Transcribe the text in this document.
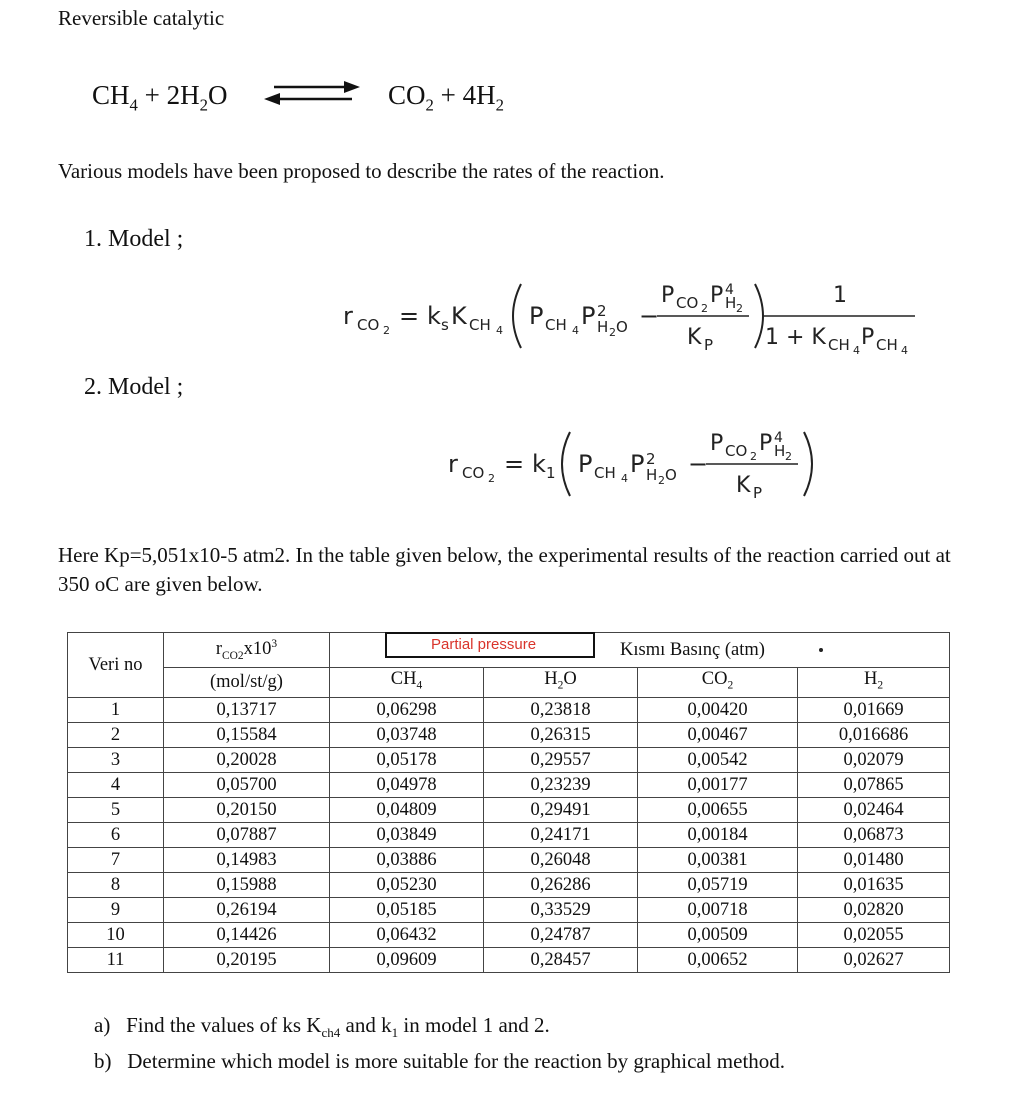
Reversible catalytic
$CH_4 + 2H_2O$	$CO_2 + 4H_2$
Various models have been proposed to describe the rates of the reaction.
1. Model ;
r CO 2
= k s K CH 4
P CH 4
P 2
H 2 O −
P CO 2
P 4
H 2
K P
1
1 + K CH 4
P CH 4
2. Model ;
r CO 2
= k 1 P CH 4
P 2
H 2 O −
P CO 2
P 4
H 2
K P
Here Kp=5,051x10-5 atm2. In the table given below, the experimental results of the reaction carried out at 350 oC are given below.
Veri no	$r_{CO2}x10^3$	Kısmı Basınç (atm)			
	(mol/st/g)	$CH_4$	$H_2O$	$CO_2$	$H_2$
1	0,13717	0,06298	0,23818	0,00420	0,01669
2	0,15584	0,03748	0,26315	0,00467	0,016686
3	0,20028	0,05178	0,29557	0,00542	0,02079
4	0,05700	0,04978	0,23239	0,00177	0,07865
5	0,20150	0,04809	0,29491	0,00655	0,02464
6	0,07887	0,03849	0,24171	0,00184	0,06873
7	0,14983	0,03886	0,26048	0,00381	0,01480
8	0,15988	0,05230	0,26286	0,05719	0,01635
9	0,26194	0,05185	0,33529	0,00718	0,02820
10	0,14426	0,06432	0,24787	0,00509	0,02055
11	0,20195	0,09609	0,28457	0,00652	0,02627
Partial pressure
a) Find the values of ks $K_{ch4}$ and $k_1$ in model 1 and 2.
b) Determine which model is more suitable for the reaction by graphical method.
